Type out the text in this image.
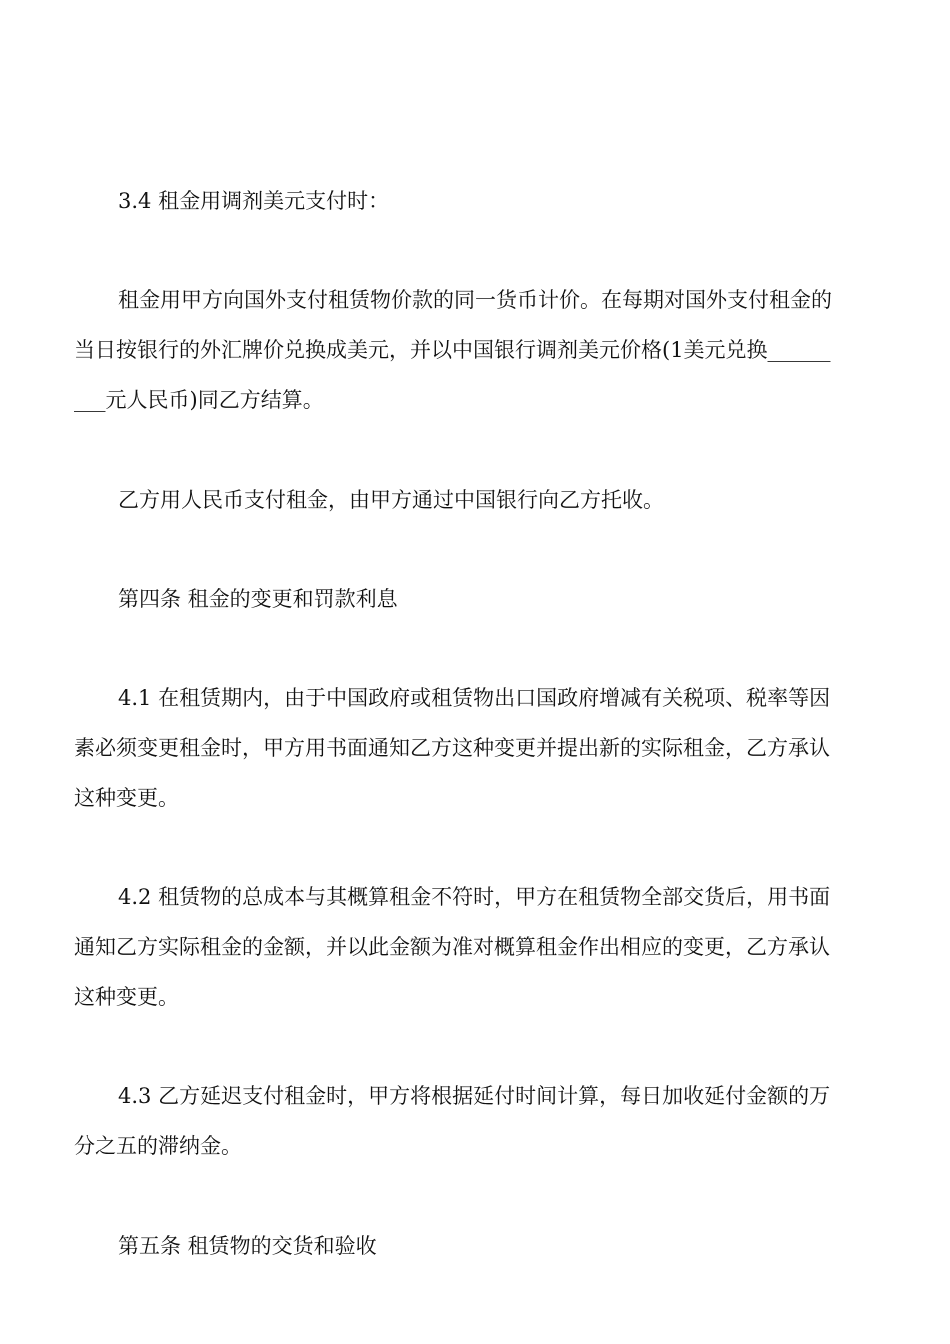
3.4 租金用调剂美元支付时：

租金用甲方向国外支付租赁物价款的同一货币计价。在每期对国外支付租金的
当日按银行的外汇牌价兑换成美元，并以中国银行调剂美元价格(1美元兑换______
___元人民币)同乙方结算。

乙方用人民币支付租金，由甲方通过中国银行向乙方托收。

第四条 租金的变更和罚款利息

4.1 在租赁期内，由于中国政府或租赁物出口国政府增减有关税项、税率等因
素必须变更租金时，甲方用书面通知乙方这种变更并提出新的实际租金，乙方承认
这种变更。

4.2 租赁物的总成本与其概算租金不符时，甲方在租赁物全部交货后，用书面
通知乙方实际租金的金额，并以此金额为准对概算租金作出相应的变更，乙方承认
这种变更。

4.3 乙方延迟支付租金时，甲方将根据延付时间计算，每日加收延付金额的万
分之五的滞纳金。

第五条 租赁物的交货和验收
